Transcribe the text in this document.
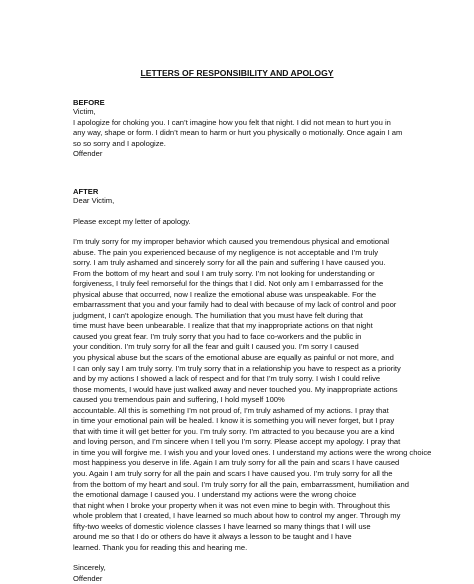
LETTERS OF RESPONSIBILITY AND APOLOGY
BEFORE
Victim,
I apologize for choking you. I can’t imagine how you felt that night. I did not mean to hurt you in
any way, shape or form. I didn’t mean to harm or hurt you physically o motionally. Once again I am
so so sorry and I apologize.
Offender
AFTER
Dear Victim,
Please except my letter of apology.
I’m truly sorry for my improper behavior which caused you tremendous physical and emotional
abuse. The pain you experienced because of my negligence is not acceptable and I’m truly
sorry. I am truly ashamed and sincerely sorry for all the pain and suffering I have caused you.
From the bottom of my heart and soul I am truly sorry. I’m not looking for understanding or
forgiveness, I truly feel remorseful for the things that I did. Not only am I embarrassed for the
physical abuse that occurred, now I realize the emotional abuse was unspeakable. For the
embarrassment that you and your family had to deal with because of my lack of control and poor
judgment, I can’t apologize enough. The humiliation that you must have felt during that
time must have been unbearable. I realize that that my inappropriate actions on that night
caused you great fear. I’m truly sorry that you had to face co-workers and the public in
your condition. I’m truly sorry for all the fear and guilt I caused you. I’m sorry I caused
you physical abuse but the scars of the emotional abuse are equally as painful or not more, and
I can only say I am truly sorry. I’m truly sorry that in a relationship you have to respect as a priority
and by my actions I showed a lack of respect and for that I’m truly sorry. I wish I could relive
those moments, I would have just walked away and never touched you. My inappropriate actions
caused you tremendous pain and suffering, I hold myself 100%
accountable. All this is something I’m not proud of, I’m truly ashamed of my actions. I pray that
in time your emotional pain will be healed. I know it is something you will never forget, but I pray
that with time it will get better for you. I’m truly sorry. I’m attracted to you because you are a kind
and loving person, and I’m sincere when I tell you I’m sorry. Please accept my apology. I pray that
in time you will forgive me. I wish you and your loved ones. I understand my actions were the wrong choice
most happiness you deserve in life. Again I am truly sorry for all the pain and scars I have caused
you. Again I am truly sorry for all the pain and scars I have caused you. I’m truly sorry for all the
from the bottom of my heart and soul. I’m truly sorry for all the pain, embarrassment, humiliation and
the emotional damage I caused you. I understand my actions were the wrong choice
that night when I broke your property when it was not even mine to begin with. Throughout this
whole problem that I created, I have learned so much about how to control my anger. Through my
fifty-two weeks of domestic violence classes I have learned so many things that I will use
around me so that I do or others do have it always a lesson to be taught and I have
learned. Thank you for reading this and hearing me.
Sincerely,
Offender
